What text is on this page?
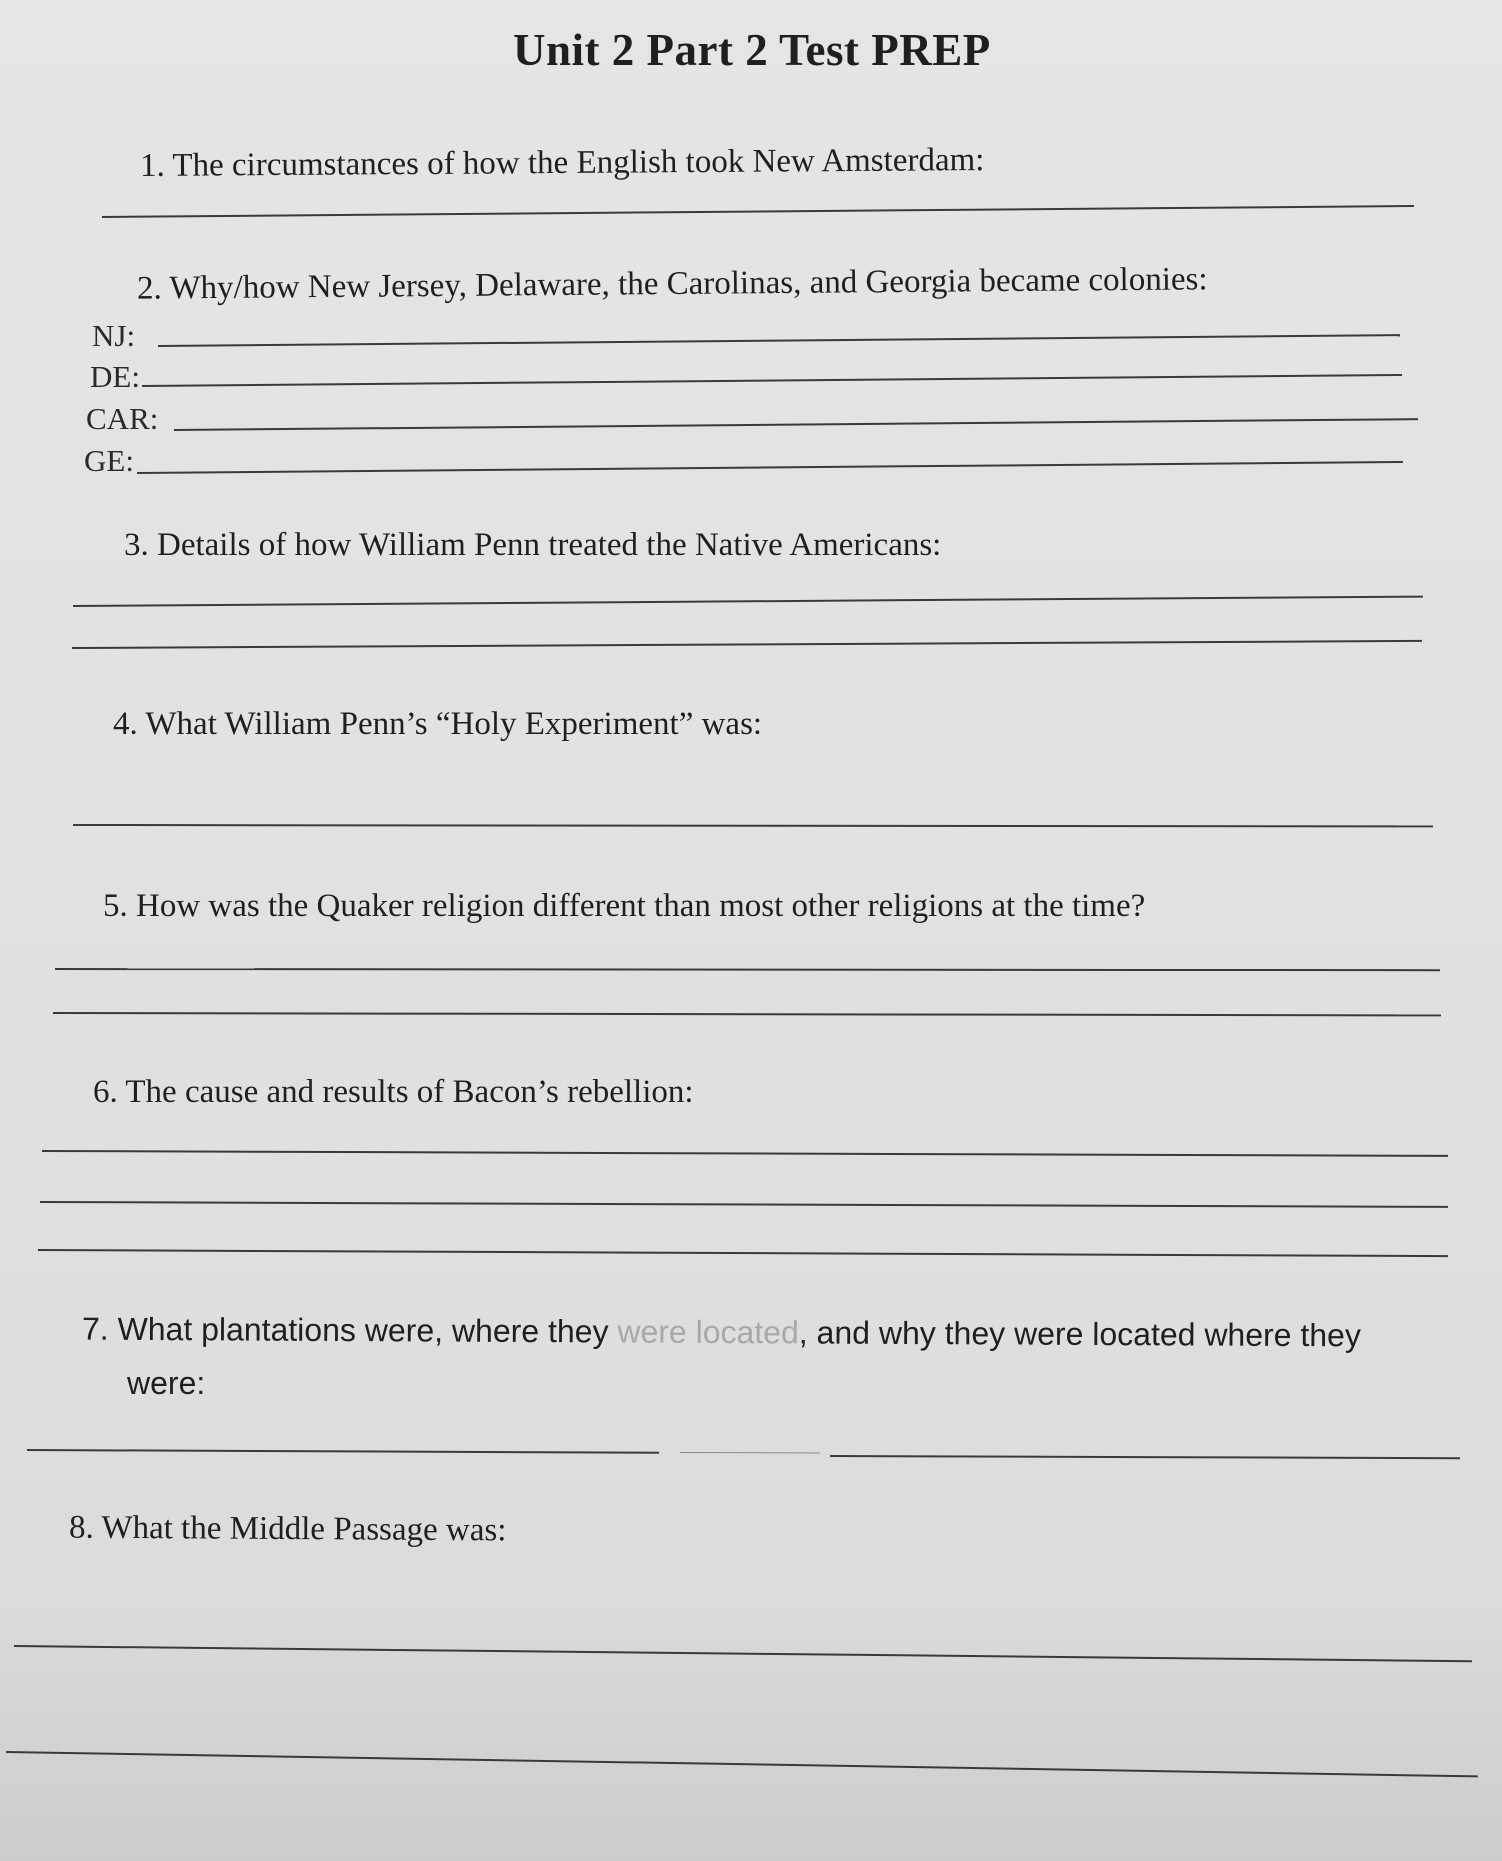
Unit 2 Part 2 Test PREP
1. The circumstances of how the English took New Amsterdam:
2. Why/how New Jersey, Delaware, the Carolinas, and Georgia became colonies:
NJ:
DE:
CAR:
GE:
3. Details of how William Penn treated the Native Americans:
4. What William Penn’s “Holy Experiment” was:
5. How was the Quaker religion different than most other religions at the time?
6. The cause and results of Bacon’s rebellion:
7. What plantations were, where they were located, and why they were located where they
were:
8. What the Middle Passage was:
